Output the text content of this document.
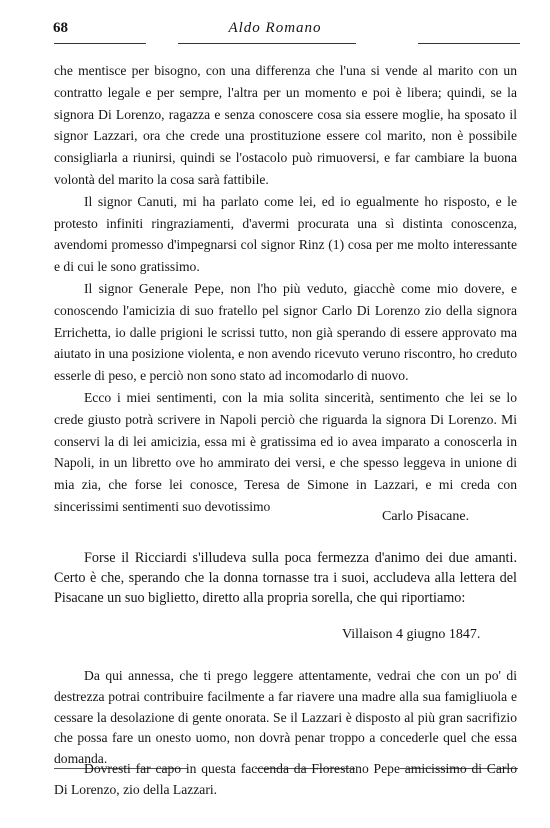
68	Aldo Romano

che mentisce per bisogno, con una differenza che l'una si vende al marito con un contratto legale e per sempre, l'altra per un momento e poi è libera; quindi, se la signora Di Lorenzo, ragazza e senza conoscere cosa sia essere moglie, ha sposato il signor Lazzari, ora che crede una prostituzione essere col marito, non è possibile consigliarla a riunirsi, quindi se l'ostacolo può rimuoversi, e far cambiare la buona volontà del marito la cosa sarà fattibile.

Il signor Canuti, mi ha parlato come lei, ed io egualmente ho risposto, e le protesto infiniti ringraziamenti, d'avermi procurata una sì distinta conoscenza, avendomi promesso d'impegnarsi col signor Rinz (1) cosa per me molto interessante e di cui le sono gratissimo.

Il signor Generale Pepe, non l'ho più veduto, giacchè come mio dovere, e conoscendo l'amicizia di suo fratello pel signor Carlo Di Lorenzo zio della signora Errichetta, io dalle prigioni le scrissi tutto, non già sperando di essere approvato ma aiutato in una posizione violenta, e non avendo ricevuto veruno riscontro, ho creduto esserle di peso, e perciò non sono stato ad incomodarlo di nuovo.

Ecco i miei sentimenti, con la mia solita sincerità, sentimento che lei se lo crede giusto potrà scrivere in Napoli perciò che riguarda la signora Di Lorenzo. Mi conservi la di lei amicizia, essa mi è gratissima ed io avea imparato a conoscerla in Napoli, in un libretto ove ho ammirato dei versi, e che spesso leggeva in unione di mia zia, che forse lei conosce, Teresa de Simone in Lazzari, e mi creda con sincerissimi sentimenti suo devotissimo

Carlo Pisacane.

Forse il Ricciardi s'illudeva sulla poca fermezza d'animo dei due amanti. Certo è che, sperando che la donna tornasse tra i suoi, accludeva alla lettera del Pisacane un suo biglietto, diretto alla propria sorella, che qui riportiamo:

Villaison 4 giugno 1847.

Da qui annessa, che ti prego leggere attentamente, vedrai che con un po' di destrezza potrai contribuire facilmente a far riavere una madre alla sua famigliuola e cessare la desolazione di gente onorata. Se il Lazzari è disposto al più gran sacrifizio che possa fare un onesto uomo, non dovrà penar troppo a concederle quel che essa domanda.

Dovresti far capo in questa faccenda da Florestano Pepe amicissimo di Carlo Di Lorenzo, zio della Lazzari.
